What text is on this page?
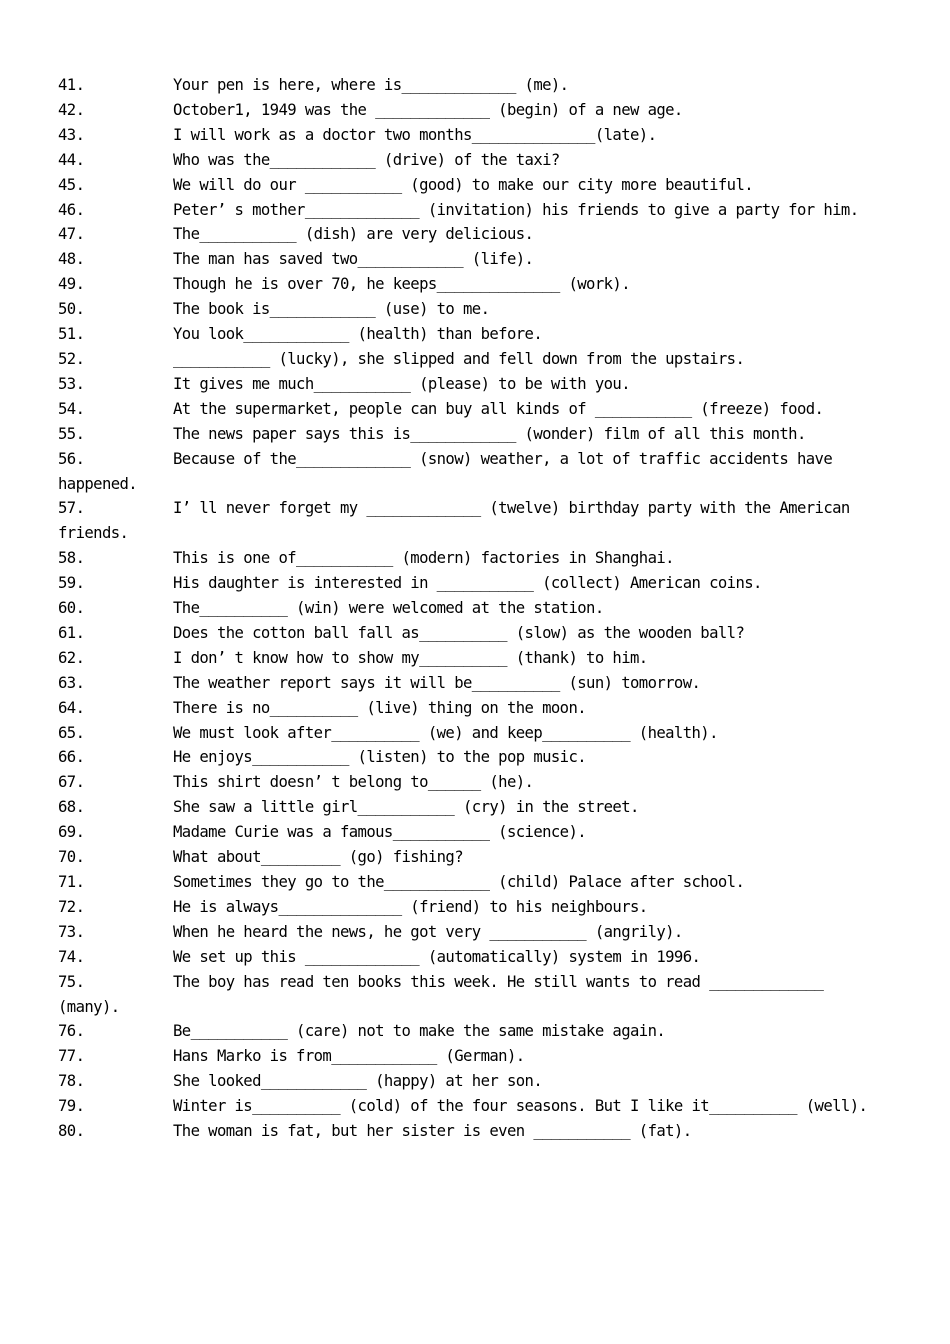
41.	Your pen is here, where is_____________ (me).
42.	October1, 1949 was the _____________ (begin) of a new age.
43.	I will work as a doctor two months______________(late).
44.	Who was the____________ (drive) of the taxi?
45.	We will do our ___________ (good) to make our city more beautiful.
46.	Peter’ s mother_____________ (invitation) his friends to give a party for him.
47.	The___________ (dish) are very delicious.
48.	The man has saved two____________ (life).
49.	Though he is over 70, he keeps______________ (work).
50.	The book is____________ (use) to me.
51.	You look____________ (health) than before.
52.	___________ (lucky), she slipped and fell down from the upstairs.
53.	It gives me much___________ (please) to be with you.
54.	At the supermarket, people can buy all kinds of ___________ (freeze) food.
55.	The news paper says this is____________ (wonder) film of all this month.
56.	Because of the_____________ (snow) weather, a lot of traffic accidents have happened.
57.	I’ ll never forget my _____________ (twelve) birthday party with the American friends.
58.	This is one of___________ (modern) factories in Shanghai.
59.	His daughter is interested in ___________ (collect) American coins.
60.	The__________ (win) were welcomed at the station.
61.	Does the cotton ball fall as__________ (slow) as the wooden ball?
62.	I don’ t know how to show my__________ (thank) to him.
63.	The weather report says it will be__________ (sun) tomorrow.
64.	There is no__________ (live) thing on the moon.
65.	We must look after__________ (we) and keep__________ (health).
66.	He enjoys___________ (listen) to the pop music.
67.	This shirt doesn’ t belong to______ (he).
68.	She saw a little girl___________ (cry) in the street.
69.	Madame Curie was a famous___________ (science).
70.	What about_________ (go) fishing?
71.	Sometimes they go to the____________ (child) Palace after school.
72.	He is always______________ (friend) to his neighbours.
73.	When he heard the news, he got very ___________ (angrily).
74.	We set up this _____________ (automatically) system in 1996.
75.	The boy has read ten books this week. He still wants to read _____________ (many).
76.	Be___________ (care) not to make the same mistake again.
77.	Hans Marko is from____________ (German).
78.	She looked____________ (happy) at her son.
79.	Winter is__________ (cold) of the four seasons. But I like it__________ (well).
80.	The woman is fat, but her sister is even ___________ (fat).
